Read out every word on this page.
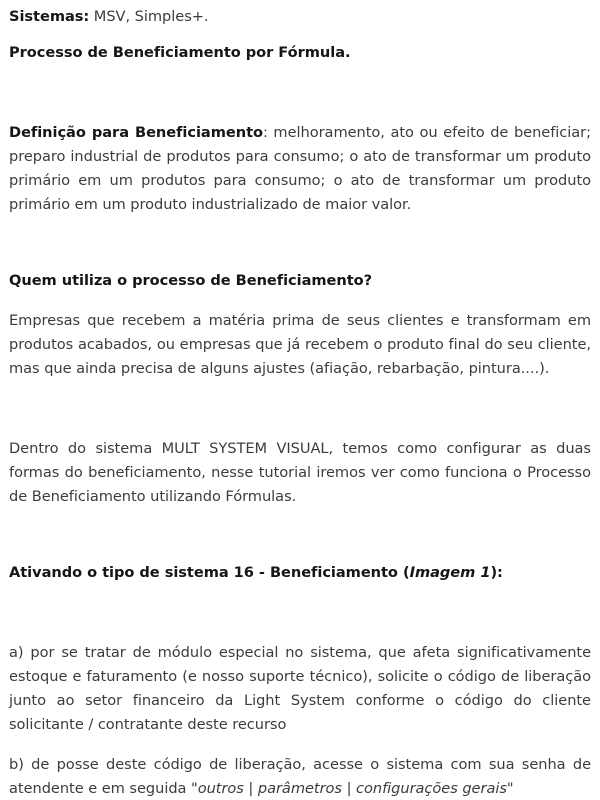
Sistemas: MSV, Simples+.

Processo de Beneficiamento por Fórmula.

Definição para Beneficiamento: melhoramento, ato ou efeito de beneficiar; preparo industrial de produtos para consumo; o ato de transformar um produto primário em um produtos para consumo; o ato de transformar um produto primário em um produto industrializado de maior valor.

Quem utiliza o processo de Beneficiamento?

Empresas que recebem a matéria prima de seus clientes e transformam em produtos acabados, ou empresas que já recebem o produto final do seu cliente, mas que ainda precisa de alguns ajustes (afiação, rebarbação, pintura....).

Dentro do sistema MULT SYSTEM VISUAL, temos como configurar as duas formas do beneficiamento, nesse tutorial iremos ver como funciona o Processo de Beneficiamento utilizando Fórmulas.

Ativando o tipo de sistema 16 - Beneficiamento (Imagem 1):

a) por se tratar de módulo especial no sistema, que afeta significativamente estoque e faturamento (e nosso suporte técnico), solicite o código de liberação junto ao setor financeiro da Light System conforme o código do cliente solicitante / contratante deste recurso

b) de posse deste código de liberação, acesse o sistema com sua senha de atendente e em seguida "outros | parâmetros | configurações gerais"
